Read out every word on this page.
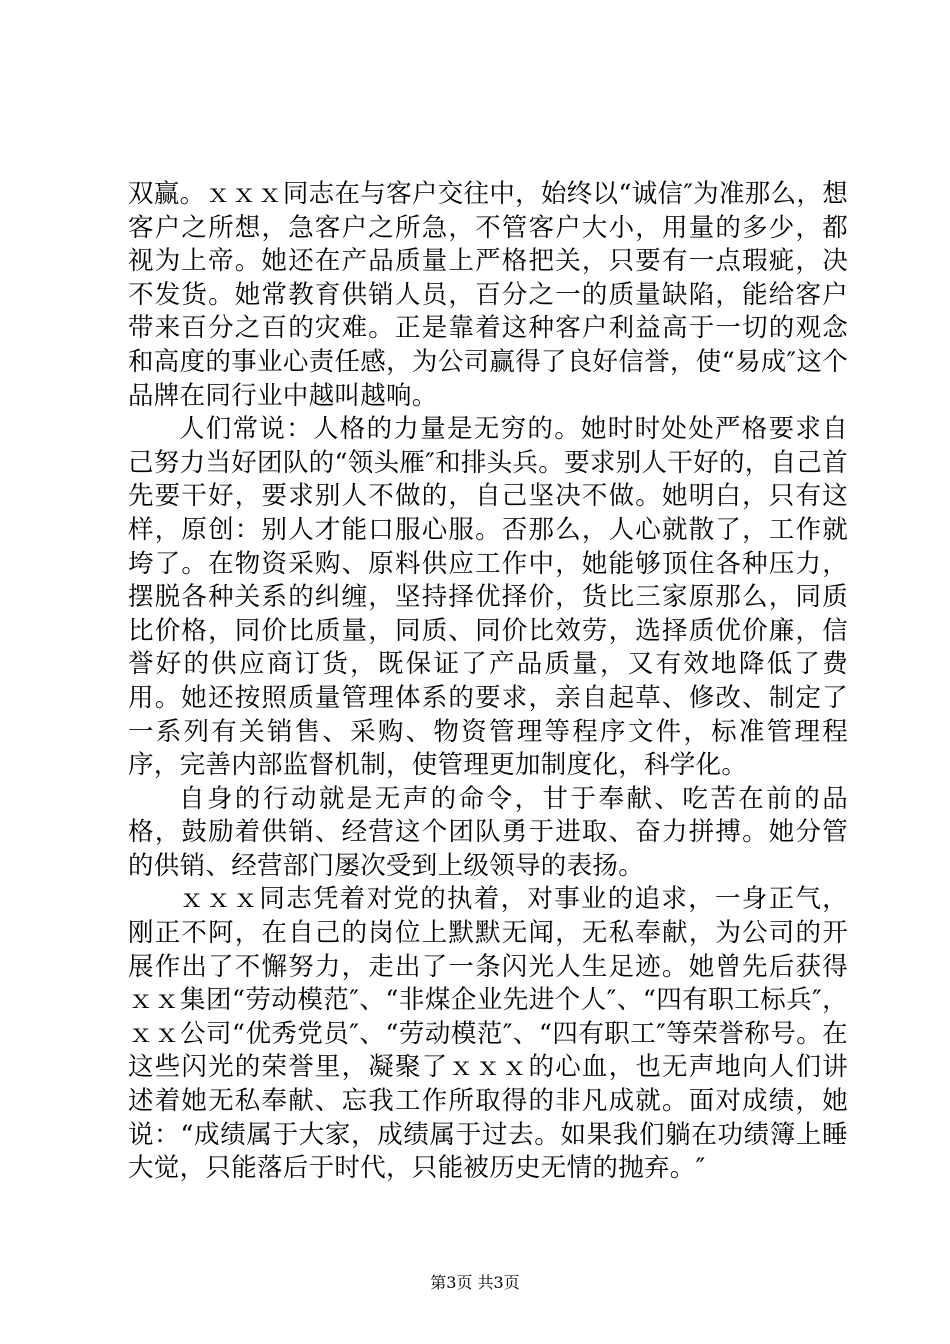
双赢。ｘｘｘ同志在与客户交往中，始终以“诚信″为准那么，想客户之所想，急客户之所急，不管客户大小，用量的多少，都视为上帝。她还在产品质量上严格把关，只要有一点瑕疵，决不发货。她常教育供销人员，百分之一的质量缺陷，能给客户带来百分之百的灾难。正是靠着这种客户利益高于一切的观念和高度的事业心责任感，为公司赢得了良好信誉，使“易成″这个品牌在同行业中越叫越响。

人们常说：人格的力量是无穷的。她时时处处严格要求自己努力当好团队的“领头雁″和排头兵。要求别人干好的，自己首先要干好，要求别人不做的，自己坚决不做。她明白，只有这样，原创：别人才能口服心服。否那么，人心就散了，工作就垮了。在物资采购、原料供应工作中，她能够顶住各种压力，摆脱各种关系的纠缠，坚持择优择价，货比三家原那么，同质比价格，同价比质量，同质、同价比效劳，选择质优价廉，信誉好的供应商订货，既保证了产品质量，又有效地降低了费用。她还按照质量管理体系的要求，亲自起草、修改、制定了一系列有关销售、采购、物资管理等程序文件，标准管理程序，完善内部监督机制，使管理更加制度化，科学化。

自身的行动就是无声的命令，甘于奉献、吃苦在前的品格，鼓励着供销、经营这个团队勇于进取、奋力拼搏。她分管的供销、经营部门屡次受到上级领导的表扬。

ｘｘｘ同志凭着对党的执着，对事业的追求，一身正气，刚正不阿，在自己的岗位上默默无闻，无私奉献，为公司的开展作出了不懈努力，走出了一条闪光人生足迹。她曾先后获得ｘｘ集团“劳动模范″、“非煤企业先进个人″、“四有职工标兵″，ｘｘ公司“优秀党员″、“劳动模范″、“四有职工″等荣誉称号。在这些闪光的荣誉里，凝聚了ｘｘｘ的心血，也无声地向人们讲述着她无私奉献、忘我工作所取得的非凡成就。面对成绩，她说：“成绩属于大家，成绩属于过去。如果我们躺在功绩簿上睡大觉，只能落后于时代，只能被历史无情的抛弃。″

第3页 共3页
